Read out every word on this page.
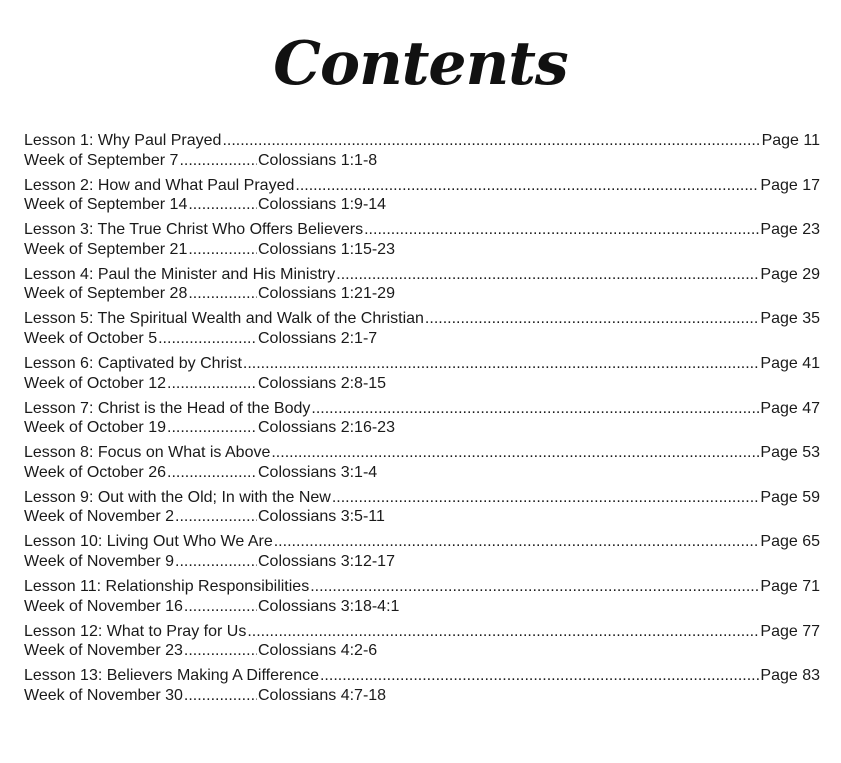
Contents
Lesson 1: Why Paul Prayed .....	Page 11
Week of September 7 .....	Colossians 1:1-8
Lesson 2: How and What Paul Prayed .....	Page 17
Week of September 14 .....	Colossians 1:9-14
Lesson 3: The True Christ Who Offers Believers .....	Page 23
Week of September 21 .....	Colossians 1:15-23
Lesson 4: Paul the Minister and His Ministry .....	Page 29
Week of September 28 .....	Colossians 1:21-29
Lesson 5: The Spiritual Wealth and Walk of the Christian .....	Page 35
Week of October 5 .....	Colossians 2:1-7
Lesson 6: Captivated by Christ .....	Page 41
Week of October 12 .....	Colossians 2:8-15
Lesson 7: Christ is the Head of the Body .....	Page 47
Week of October 19 .....	Colossians 2:16-23
Lesson 8: Focus on What is Above .....	Page 53
Week of October 26 .....	Colossians 3:1-4
Lesson 9: Out with the Old; In with the New .....	Page 59
Week of November 2 .....	Colossians 3:5-11
Lesson 10: Living Out Who We Are .....	Page 65
Week of November 9 .....	Colossians 3:12-17
Lesson 11: Relationship Responsibilities .....	Page 71
Week of November 16 .....	Colossians 3:18-4:1
Lesson 12: What to Pray for Us .....	Page 77
Week of November 23 .....	Colossians 4:2-6
Lesson 13: Believers Making A Difference .....	Page 83
Week of November 30 .....	Colossians 4:7-18
